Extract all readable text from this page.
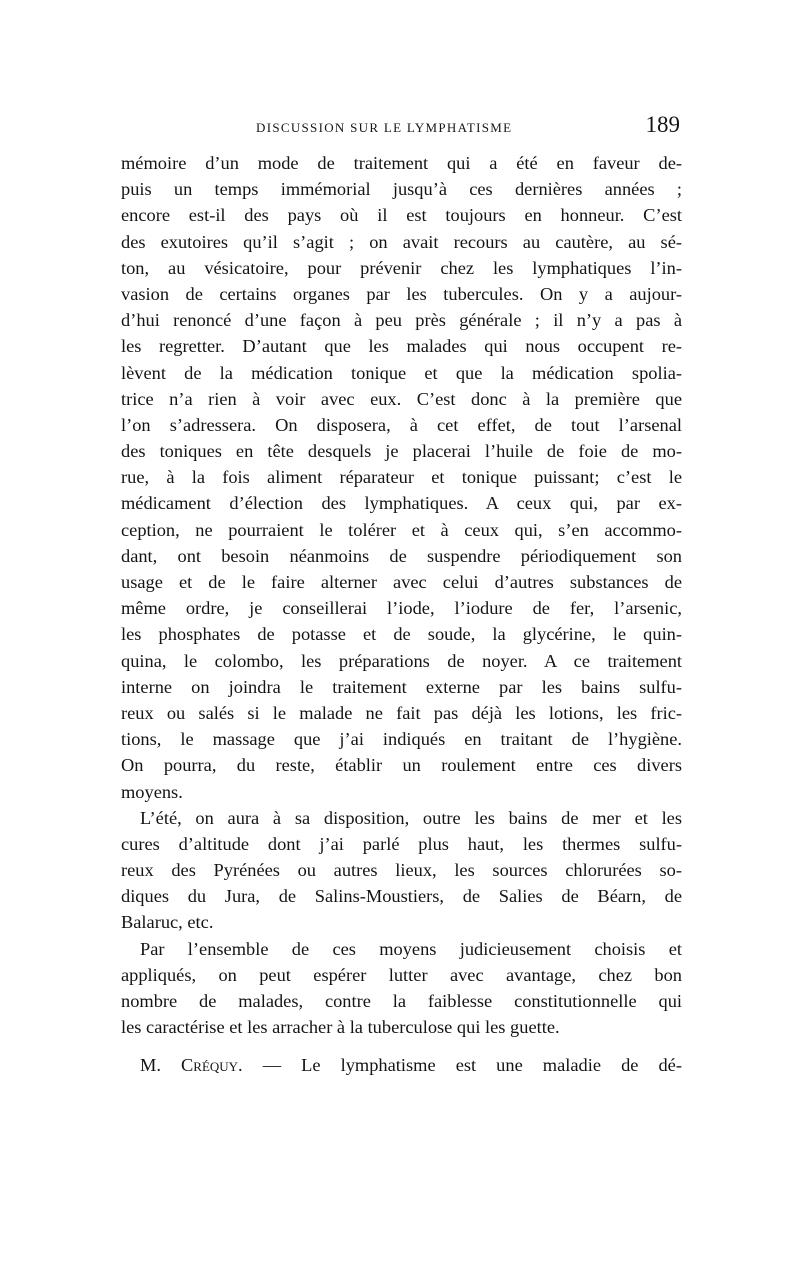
DISCUSSION SUR LE LYMPHATISME	189
mémoire d’un mode de traitement qui a été en faveur de-
puis un temps immémorial jusqu’à ces dernières années ;
encore est-il des pays où il est toujours en honneur. C’est
des exutoires qu’il s’agit ; on avait recours au cautère, au sé-
ton, au vésicatoire, pour prévenir chez les lymphatiques l’in-
vasion de certains organes par les tubercules. On y a aujour-
d’hui renoncé d’une façon à peu près générale ; il n’y a pas à
les regretter. D’autant que les malades qui nous occupent re-
lèvent de la médication tonique et que la médication spolia-
trice n’a rien à voir avec eux. C’est donc à la première que
l’on s’adressera. On disposera, à cet effet, de tout l’arsenal
des toniques en tête desquels je placerai l’huile de foie de mo-
rue, à la fois aliment réparateur et tonique puissant; c’est le
médicament d’élection des lymphatiques. A ceux qui, par ex-
ception, ne pourraient le tolérer et à ceux qui, s’en accommo-
dant, ont besoin néanmoins de suspendre périodiquement son
usage et de le faire alterner avec celui d’autres substances de
même ordre, je conseillerai l’iode, l’iodure de fer, l’arsenic,
les phosphates de potasse et de soude, la glycérine, le quin-
quina, le colombo, les préparations de noyer. A ce traitement
interne on joindra le traitement externe par les bains sulfu-
reux ou salés si le malade ne fait pas déjà les lotions, les fric-
tions, le massage que j’ai indiqués en traitant de l’hygiène.
On pourra, du reste, établir un roulement entre ces divers
moyens.
L’été, on aura à sa disposition, outre les bains de mer et les
cures d’altitude dont j’ai parlé plus haut, les thermes sulfu-
reux des Pyrénées ou autres lieux, les sources chlorurées so-
diques du Jura, de Salins-Moustiers, de Salies de Béarn, de
Balaruc, etc.
Par l’ensemble de ces moyens judicieusement choisis et
appliqués, on peut espérer lutter avec avantage, chez bon
nombre de malades, contre la faiblesse constitutionnelle qui
les caractérise et les arracher à la tuberculose qui les guette.
M. Créquy. — Le lymphatisme est une maladie de dé-
